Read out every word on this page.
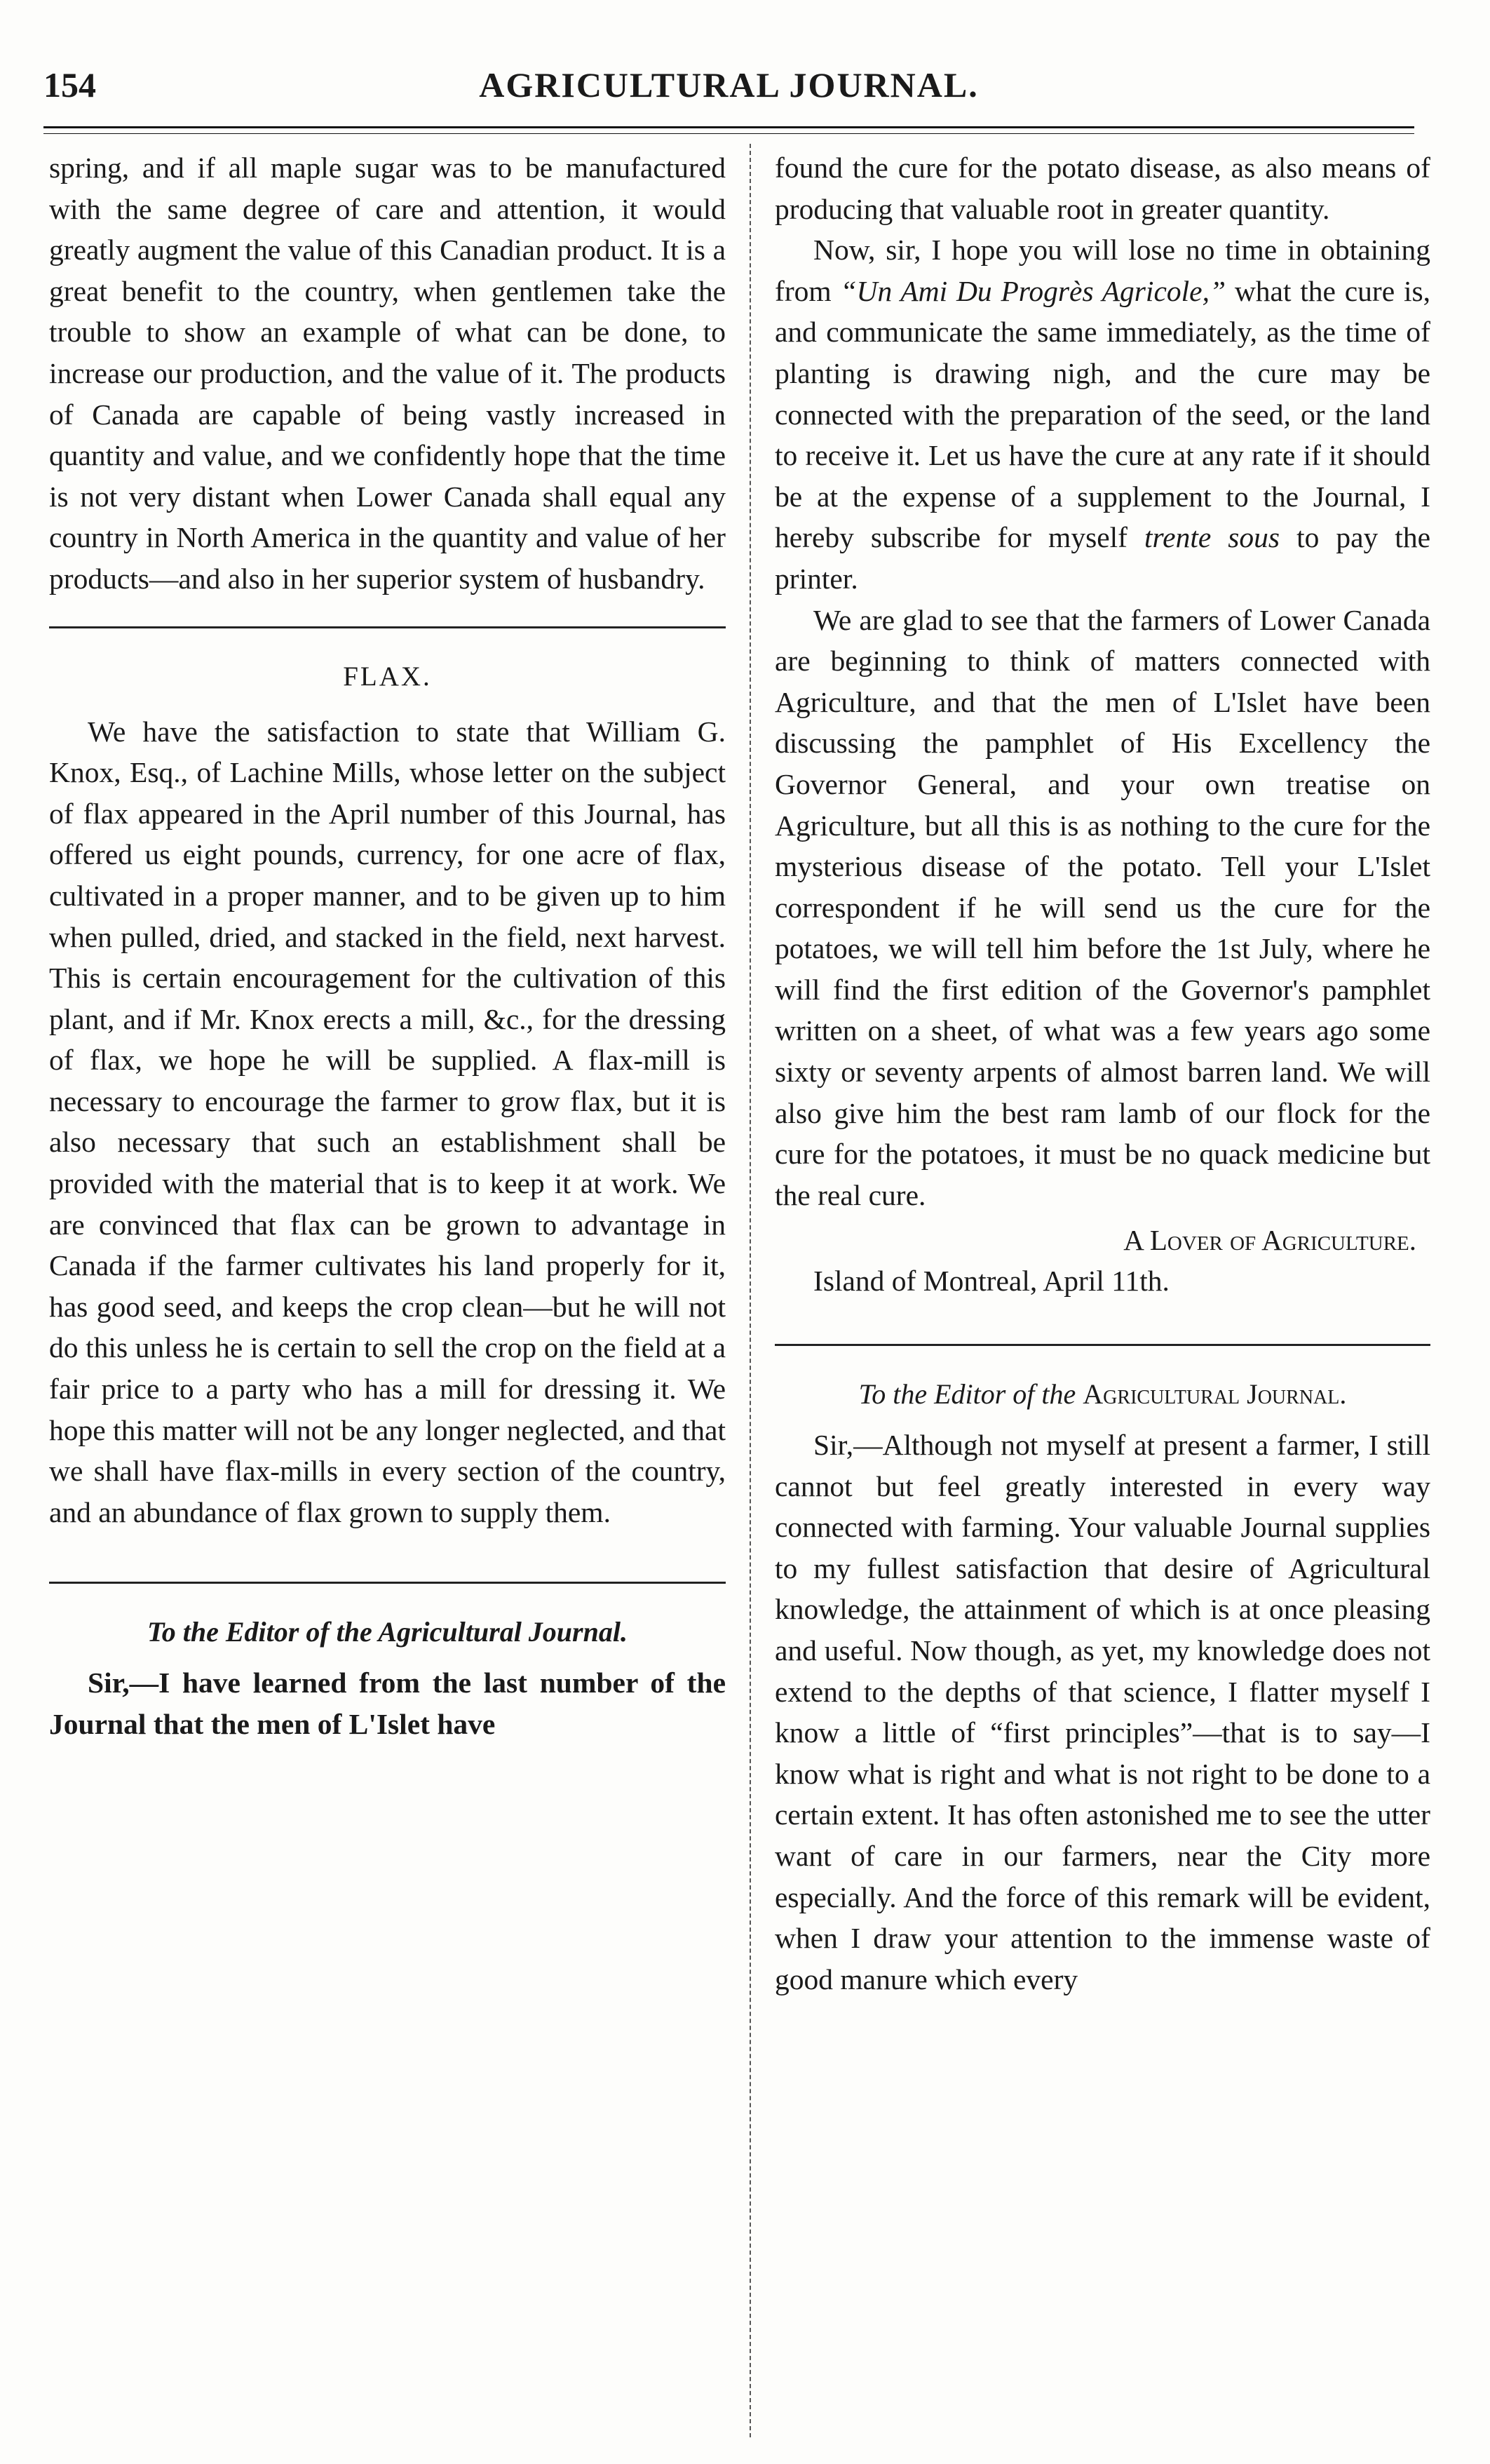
154	AGRICULTURAL JOURNAL.

spring, and if all maple sugar was to be manufactured with the same degree of care and attention, it would greatly augment the value of this Canadian product. It is a great benefit to the country, when gentlemen take the trouble to show an example of what can be done, to increase our production, and the value of it. The products of Canada are capable of being vastly increased in quantity and value, and we confidently hope that the time is not very distant when Lower Canada shall equal any country in North America in the quantity and value of her products—and also in her superior system of husbandry.

FLAX.

We have the satisfaction to state that William G. Knox, Esq., of Lachine Mills, whose letter on the subject of flax appeared in the April number of this Journal, has offered us eight pounds, currency, for one acre of flax, cultivated in a proper manner, and to be given up to him when pulled, dried, and stacked in the field, next harvest. This is certain encouragement for the cultivation of this plant, and if Mr. Knox erects a mill, &c., for the dressing of flax, we hope he will be supplied. A flax-mill is necessary to encourage the farmer to grow flax, but it is also necessary that such an establishment shall be provided with the material that is to keep it at work. We are convinced that flax can be grown to advantage in Canada if the farmer cultivates his land properly for it, has good seed, and keeps the crop clean—but he will not do this unless he is certain to sell the crop on the field at a fair price to a party who has a mill for dressing it. We hope this matter will not be any longer neglected, and that we shall have flax-mills in every section of the country, and an abundance of flax grown to supply them.

To the Editor of the Agricultural Journal.

Sir,—I have learned from the last number of the Journal that the men of L'Islet have

found the cure for the potato disease, as also means of producing that valuable root in greater quantity.

Now, sir, I hope you will lose no time in obtaining from “Un Ami Du Progrès Agricole,” what the cure is, and communicate the same immediately, as the time of planting is drawing nigh, and the cure may be connected with the preparation of the seed, or the land to receive it. Let us have the cure at any rate if it should be at the expense of a supplement to the Journal, I hereby subscribe for myself trente sous to pay the printer.

We are glad to see that the farmers of Lower Canada are beginning to think of matters connected with Agriculture, and that the men of L'Islet have been discussing the pamphlet of His Excellency the Governor General, and your own treatise on Agriculture, but all this is as nothing to the cure for the mysterious disease of the potato. Tell your L'Islet correspondent if he will send us the cure for the potatoes, we will tell him before the 1st July, where he will find the first edition of the Governor's pamphlet written on a sheet, of what was a few years ago some sixty or seventy arpents of almost barren land. We will also give him the best ram lamb of our flock for the cure for the potatoes, it must be no quack medicine but the real cure.

A Lover of Agriculture.

Island of Montreal, April 11th.

To the Editor of the Agricultural Journal.

Sir,—Although not myself at present a farmer, I still cannot but feel greatly interested in every way connected with farming. Your valuable Journal supplies to my fullest satisfaction that desire of Agricultural knowledge, the attainment of which is at once pleasing and useful. Now though, as yet, my knowledge does not extend to the depths of that science, I flatter myself I know a little of “first principles”—that is to say—I know what is right and what is not right to be done to a certain extent. It has often astonished me to see the utter want of care in our farmers, near the City more especially. And the force of this remark will be evident, when I draw your attention to the immense waste of good manure which every
